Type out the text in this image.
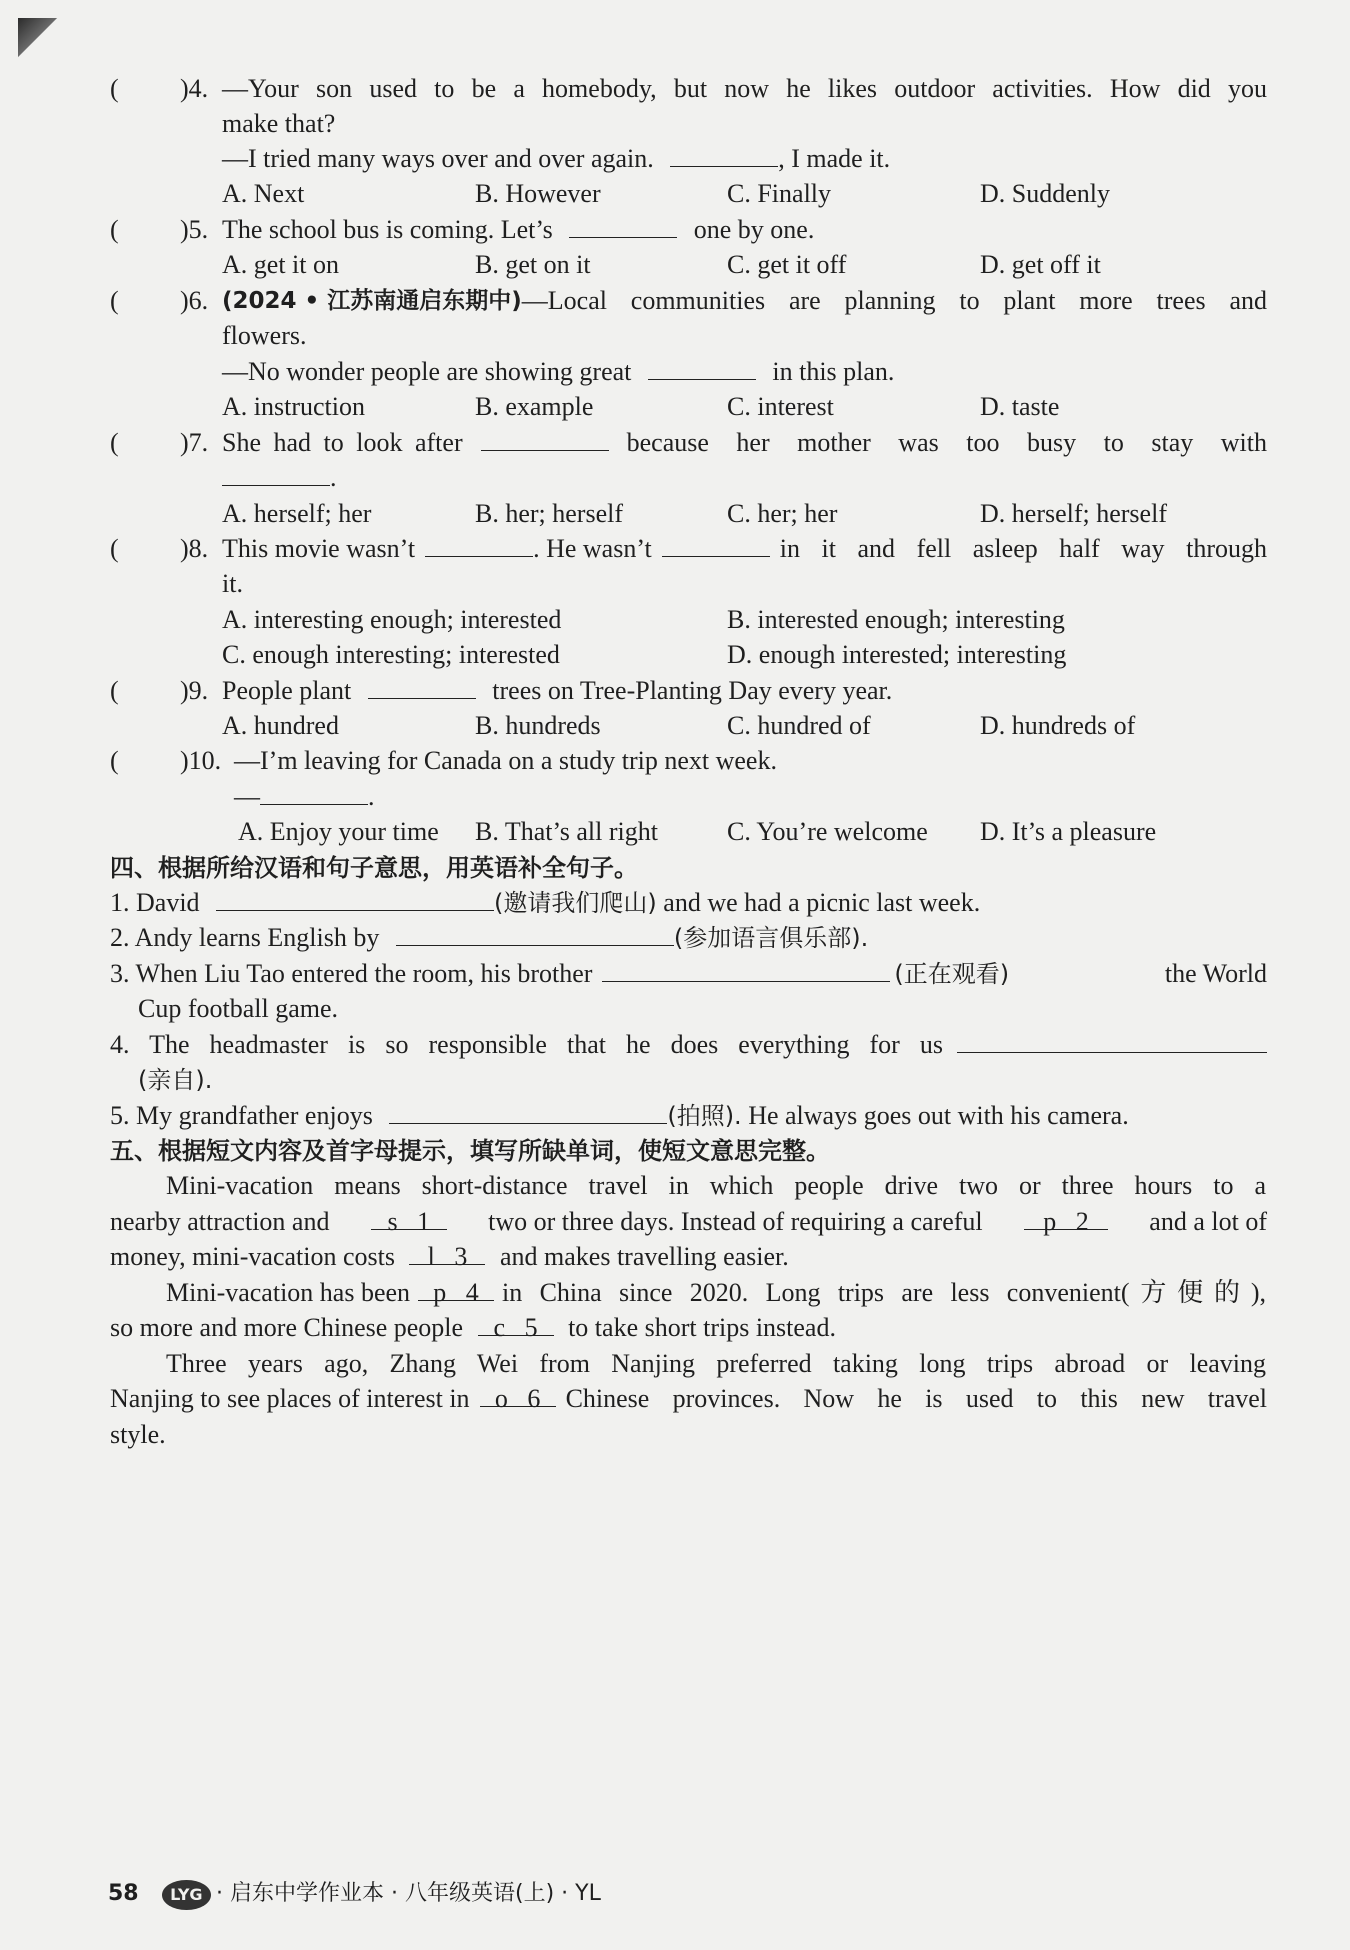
( )4. —Your son used to be a homebody, but now he likes outdoor activities. How did you
make that?
—I tried many ways over and over again.	, I made it.
A. Next	B. However	C. Finally	D. Suddenly
( )5. The school bus is coming. Let’s	one by one.
A. get it on	B. get on it	C. get it off	D. get off it
( )6. (2024 • 江苏南通启东期中) —Local communities are planning to plant more trees and
flowers.
—No wonder people are showing great	in this plan.
A. instruction	B. example	C. interest	D. taste
( )7. She had to look after	because her mother was too busy to stay with
.
A. herself; her	B. her; herself	C. her; her	D. herself; herself
( )8. This movie wasn’t	. He wasn’t	in it and fell asleep half way through
it.
A. interesting enough; interested	B. interested enough; interesting
C. enough interesting; interested	D. enough interested; interesting
( )9. People plant	trees on Tree-Planting Day every year.
A. hundred	B. hundreds	C. hundred of	D. hundreds of
( )10. —I’m leaving for Canada on a study trip next week.
—	.
A. Enjoy your time B. That’s all right	C. You’re welcome D. It’s a pleasure
四、根据所给汉语和句子意思，用英语补全句子。
1. David	(邀请我们爬山) and we had a picnic last week.
2. Andy learns English by	(参加语言俱乐部).
3. When Liu Tao entered the room, his brother	(正在观看)	the World
Cup football game.
4. The headmaster is so responsible that he does everything for us
(亲自).
5. My grandfather enjoys	(拍照). He always goes out with his camera.
五、根据短文内容及首字母提示，填写所缺单词，使短文意思完整。
Mini-vacation means short-distance travel in which people drive two or three hours to a
nearby attraction and	s 1	two or three days. Instead of requiring a careful	p 2	and a lot of
money, mini-vacation costs l 3 and makes travelling easier.
Mini-vacation has been p 4 in China since 2020. Long trips are less convenient(方便的),
so more and more Chinese people c 5 to take short trips instead.
Three years ago, Zhang Wei from Nanjing preferred taking long trips abroad or leaving
Nanjing to see places of interest in o 6 Chinese provinces. Now he is used to this new travel
style.
58 LYG · 启东中学作业本 · 八年级英语(上) · YL
